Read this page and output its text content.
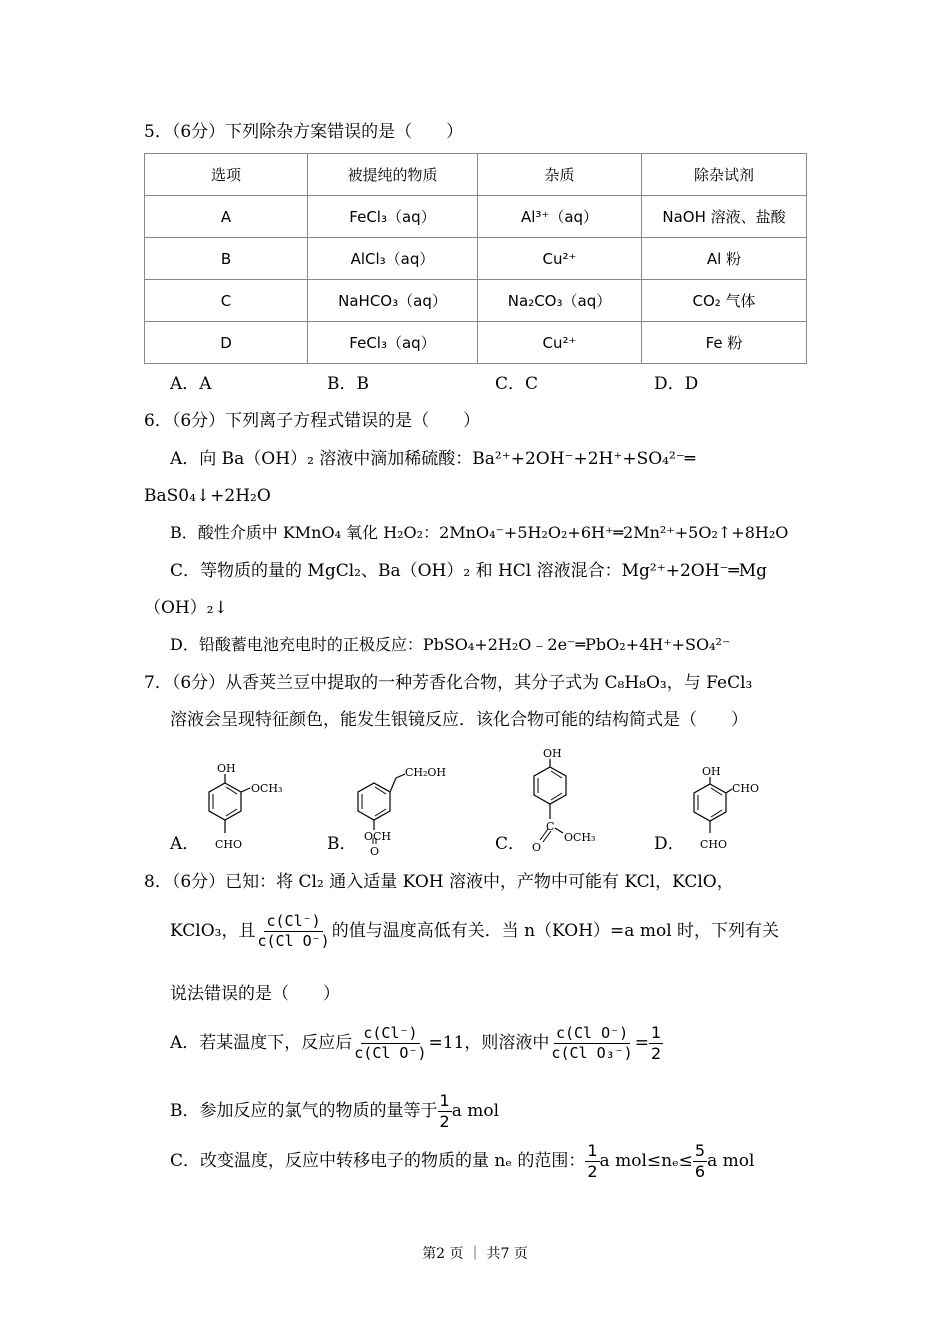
5．（6分）下列除杂方案错误的是（　　）
选项	被提纯的物质	杂质	除杂试剂
A	FeCl₃（aq）	Al³⁺（aq）	NaOH 溶液、盐酸
B	AlCl₃（aq）	Cu²⁺	Al 粉
C	NaHCO₃（aq）	Na₂CO₃（aq）	CO₂ 气体
D	FeCl₃（aq）	Cu²⁺	Fe 粉
A．A	B．B	C．C	D．D
6．（6分）下列离子方程式错误的是（　　）
A．向 Ba（OH）₂ 溶液中滴加稀硫酸：Ba²⁺+2OH⁻+2H⁺+SO₄²⁻═
BaS0₄↓+2H₂O
B．酸性介质中 KMnO₄ 氧化 H₂O₂：2MnO₄⁻+5H₂O₂+6H⁺═2Mn²⁺+5O₂↑+8H₂O
C．等物质的量的 MgCl₂、Ba（OH）₂ 和 HCl 溶液混合：Mg²⁺+2OH⁻═Mg
（OH）₂↓
D．铅酸蓄电池充电时的正极反应：PbSO₄+2H₂O﹣2e⁻═PbO₂+4H⁺+SO₄²⁻
7．（6分）从香荚兰豆中提取的一种芳香化合物，其分子式为 C₈H₈O₃，与 FeCl₃
溶液会呈现特征颜色，能发生银镜反应．该化合物可能的结构简式是（　　）
A．	B．	C．	D．
OH
OCH₃
CHO
CH₂OH
OCH
O
OH
C
O
OCH₃
OH
CHO
CHO
8．（6分）已知：将 Cl₂ 通入适量 KOH 溶液中，产物中可能有 KCl，KClO，
KClO₃，且 $\frac{c(Cl^-)}{\text{c(Cl O⁻)}}$ 的值与温度高低有关．当 n（KOH）=a mol 时，下列有关
说法错误的是（　　）
A．若某温度下，反应后 $\frac{c(Cl^-)}{\text{c(Cl O⁻)}} =11$，则溶液中 $\frac{\text{c(Cl O⁻)}}{\text{c(Cl O₃⁻)}} = \frac{1}{2}$
B．参加反应的氯气的物质的量等于 $\frac{1}{2}$ a mol
C．改变温度，反应中转移电子的物质的量 nₑ 的范围： $\frac{1}{2}$ a $mol\le n_e\le \frac{5}{6}$ a mol
第2 页 ｜ 共7 页
